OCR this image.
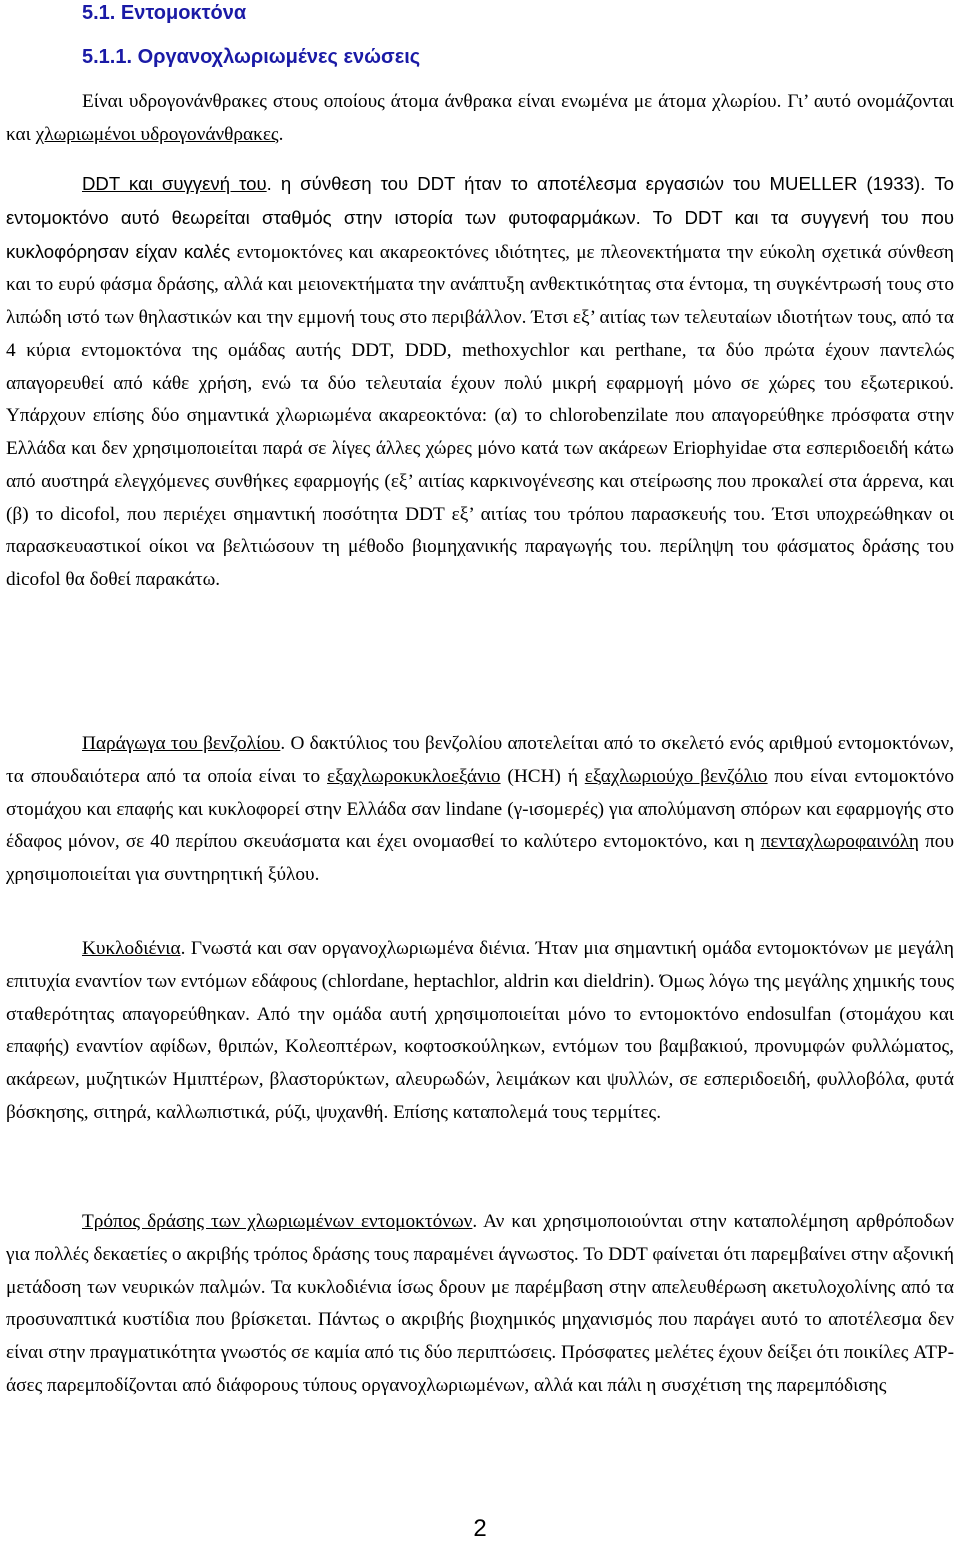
5.1. Εντομοκτόνα
5.1.1. Οργανοχλωριωμένες ενώσεις

Είναι υδρογονάνθρακες στους οποίους άτομα άνθρακα είναι ενωμένα με άτομα χλωρίου. Γι’ αυτό ονομάζονται και χλωριωμένοι υδρογονάνθρακες.

DDT και συγγενή του. η σύνθεση του DDT ήταν το αποτέλεσμα εργασιών του MUELLER (1933). Το εντομοκτόνο αυτό θεωρείται σταθμός στην ιστορία των φυτοφαρμάκων. Το DDT και τα συγγενή του που κυκλοφόρησαν είχαν καλές εντομοκτόνες και ακαρεοκτόνες ιδιότητες, με πλεονεκτήματα την εύκολη σχετικά σύνθεση και το ευρύ φάσμα δράσης, αλλά και μειονεκτήματα την ανάπτυξη ανθεκτικότητας στα έντομα, τη συγκέντρωσή τους στο λιπώδη ιστό των θηλαστικών και την εμμονή τους στο περιβάλλον. Έτσι εξ’ αιτίας των τελευταίων ιδιοτήτων τους, από τα 4 κύρια εντομοκτόνα της ομάδας αυτής DDT, DDD, methoxychlor και perthane, τα δύο πρώτα έχουν παντελώς απαγορευθεί από κάθε χρήση, ενώ τα δύο τελευταία έχουν πολύ μικρή εφαρμογή μόνο σε χώρες του εξωτερικού. Υπάρχουν επίσης δύο σημαντικά χλωριωμένα ακαρεοκτόνα: (α) το chlorobenzilate που απαγορεύθηκε πρόσφατα στην Ελλάδα και δεν χρησιμοποιείται παρά σε λίγες άλλες χώρες μόνο κατά των ακάρεων Eriophyidae στα εσπεριδοειδή κάτω από αυστηρά ελεγχόμενες συνθήκες εφαρμογής (εξ’ αιτίας καρκινογένεσης και στείρωσης που προκαλεί στα άρρενα, και (β) το dicofol, που περιέχει σημαντική ποσότητα DDT εξ’ αιτίας του τρόπου παρασκευής του. Έτσι υποχρεώθηκαν οι παρασκευαστικοί οίκοι να βελτιώσουν τη μέθοδο βιομηχανικής παραγωγής του. περίληψη του φάσματος δράσης του dicofol θα δοθεί παρακάτω.

Παράγωγα του βενζολίου. Ο δακτύλιος του βενζολίου αποτελείται από το σκελετό ενός αριθμού εντομοκτόνων, τα σπουδαιότερα από τα οποία είναι το εξαχλωροκυκλοεξάνιο (HCH) ή εξαχλωριούχο βενζόλιο που είναι εντομοκτόνο στομάχου και επαφής και κυκλοφορεί στην Ελλάδα σαν lindane (γ-ισομερές) για απολύμανση σπόρων και εφαρμογής στο έδαφος μόνον, σε 40 περίπου σκευάσματα και έχει ονομασθεί το καλύτερο εντομοκτόνο, και η πενταχλωροφαινόλη που χρησιμοποιείται για συντηρητική ξύλου.

Κυκλοδιένια. Γνωστά και σαν οργανοχλωριωμένα διένια. Ήταν μια σημαντική ομάδα εντομοκτόνων με μεγάλη επιτυχία εναντίον των εντόμων εδάφους (chlordane, heptachlor, aldrin και dieldrin). Όμως λόγω της μεγάλης χημικής τους σταθερότητας απαγορεύθηκαν. Από την ομάδα αυτή χρησιμοποιείται μόνο το εντομοκτόνο endosulfan (στομάχου και επαφής) εναντίον αφίδων, θριπών, Κολεοπτέρων, κοφτοσκούληκων, εντόμων του βαμβακιού, προνυμφών φυλλώματος, ακάρεων, μυζητικών Ημιπτέρων, βλαστορύκτων, αλευρωδών, λειμάκων και ψυλλών, σε εσπεριδοειδή, φυλλοβόλα, φυτά βόσκησης, σιτηρά, καλλωπιστικά, ρύζι, ψυχανθή. Επίσης καταπολεμά τους τερμίτες.

Τρόπος δράσης των χλωριωμένων εντομοκτόνων. Αν και χρησιμοποιούνται στην καταπολέμηση αρθρόποδων για πολλές δεκαετίες ο ακριβής τρόπος δράσης τους παραμένει άγνωστος. Το DDT φαίνεται ότι παρεμβαίνει στην αξονική μετάδοση των νευρικών παλμών. Τα κυκλοδιένια ίσως δρουν με παρέμβαση στην απελευθέρωση ακετυλοχολίνης από τα προσυναπτικά κυστίδια που βρίσκεται. Πάντως ο ακριβής βιοχημικός μηχανισμός που παράγει αυτό το αποτέλεσμα δεν είναι στην πραγματικότητα γνωστός σε καμία από τις δύο περιπτώσεις. Πρόσφατες μελέτες έχουν δείξει ότι ποικίλες ATP-άσες παρεμποδίζονται από διάφορους τύπους οργανοχλωριωμένων, αλλά και πάλι η συσχέτιση της παρεμπόδισης

2
